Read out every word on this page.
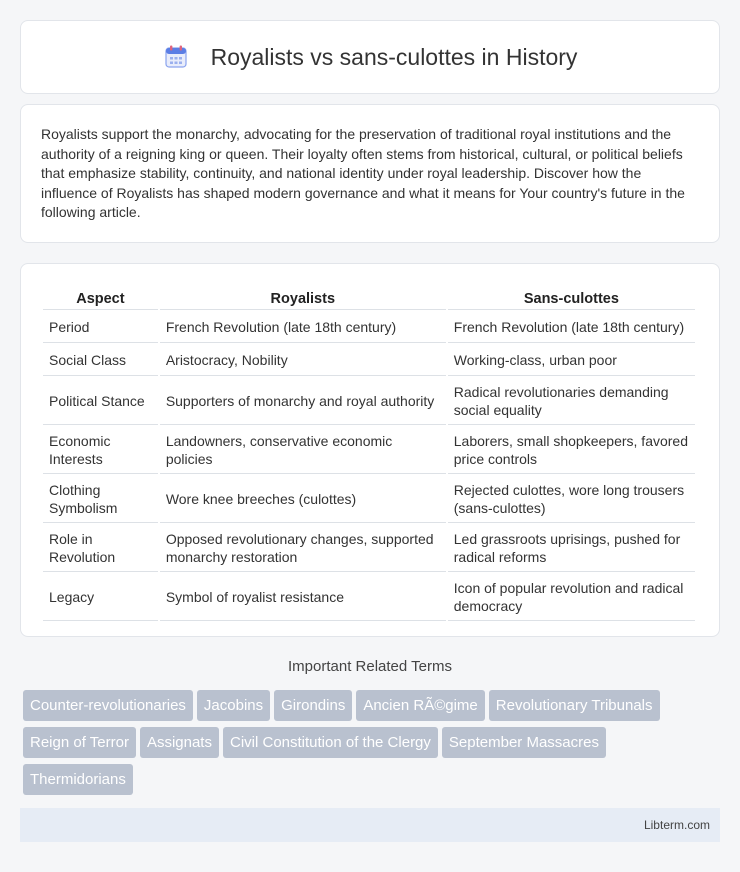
Royalists vs sans-culottes in History

Royalists support the monarchy, advocating for the preservation of traditional royal institutions and the authority of a reigning king or queen. Their loyalty often stems from historical, cultural, or political beliefs that emphasize stability, continuity, and national identity under royal leadership. Discover how the influence of Royalists has shaped modern governance and what it means for Your country's future in the following article.

Aspect	Royalists	Sans-culottes
Period	French Revolution (late 18th century)	French Revolution (late 18th century)
Social Class	Aristocracy, Nobility	Working-class, urban poor
Political Stance	Supporters of monarchy and royal authority	Radical revolutionaries demanding social equality
Economic Interests	Landowners, conservative economic policies	Laborers, small shopkeepers, favored price controls
Clothing Symbolism	Wore knee breeches (culottes)	Rejected culottes, wore long trousers (sans-culottes)
Role in Revolution	Opposed revolutionary changes, supported monarchy restoration	Led grassroots uprisings, pushed for radical reforms
Legacy	Symbol of royalist resistance	Icon of popular revolution and radical democracy
Important Related Terms
Counter-revolutionaries Jacobins Girondins Ancien RÃ©gime Revolutionary Tribunals
Reign of Terror Assignats Civil Constitution of the Clergy September Massacres
Thermidorians
Libterm.com
